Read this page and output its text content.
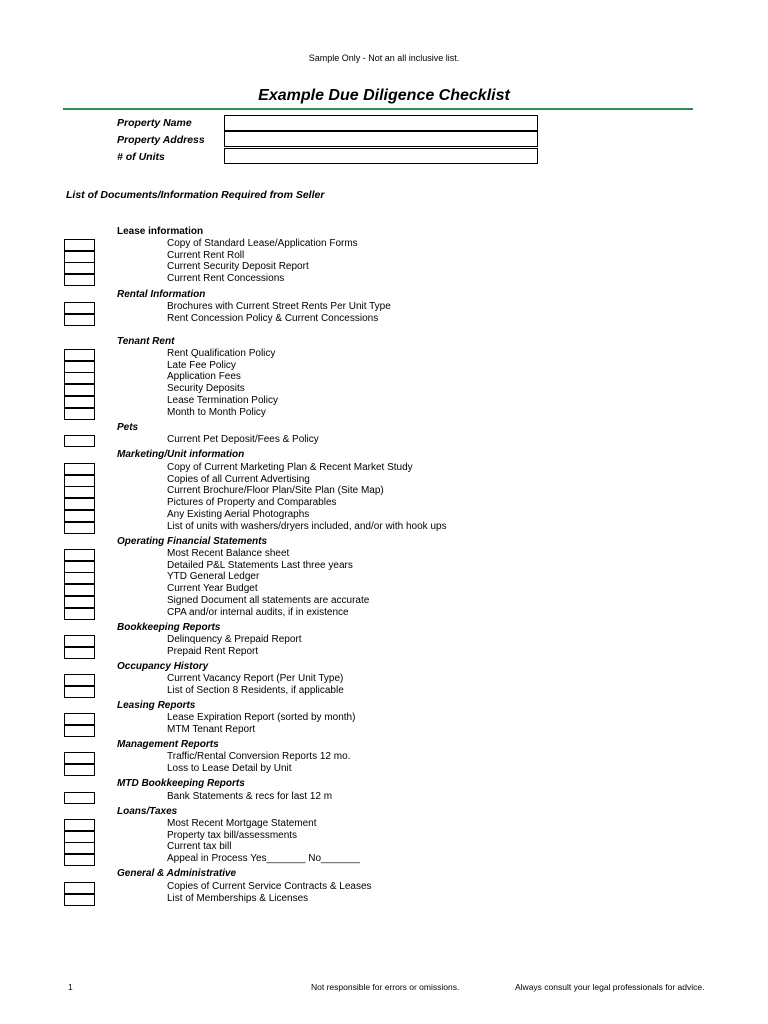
Sample Only - Not an all inclusive list.
Example Due Diligence Checklist
Property Name
Property Address
# of Units
List of Documents/Information Required from Seller
Lease information
Copy of Standard Lease/Application Forms
Current Rent Roll
Current Security Deposit Report
Current Rent Concessions
Rental Information
Brochures with Current Street Rents Per Unit Type
Rent Concession Policy & Current Concessions
Tenant Rent
Rent Qualification Policy
Late Fee Policy
Application Fees
Security Deposits
Lease Termination Policy
Month to Month Policy
Pets
Current Pet Deposit/Fees & Policy
Marketing/Unit information
Copy of Current Marketing Plan & Recent Market Study
Copies of all Current Advertising
Current Brochure/Floor Plan/Site Plan (Site Map)
Pictures of Property and Comparables
Any Existing Aerial Photographs
List of units with washers/dryers included, and/or with hook ups
Operating Financial Statements
Most Recent Balance sheet
Detailed P&L Statements Last three years
YTD General Ledger
Current Year Budget
Signed Document all statements are accurate
CPA and/or internal audits, if in existence
Bookkeeping Reports
Delinquency & Prepaid Report
Prepaid Rent Report
Occupancy History
Current Vacancy Report (Per Unit Type)
List of Section 8 Residents, if applicable
Leasing Reports
Lease Expiration Report (sorted by month)
MTM Tenant Report
Management Reports
Traffic/Rental Conversion Reports 12 mo.
Loss to Lease Detail by Unit
MTD Bookkeeping Reports
Bank Statements & recs for last 12 m
Loans/Taxes
Most Recent Mortgage Statement
Property tax bill/assessments
Current tax bill
Appeal in Process Yes_______ No_______
General & Administrative
Copies of Current Service Contracts & Leases
List of Memberships & Licenses
1	Not responsible for errors or omissions.	Always consult your legal professionals for advice.
